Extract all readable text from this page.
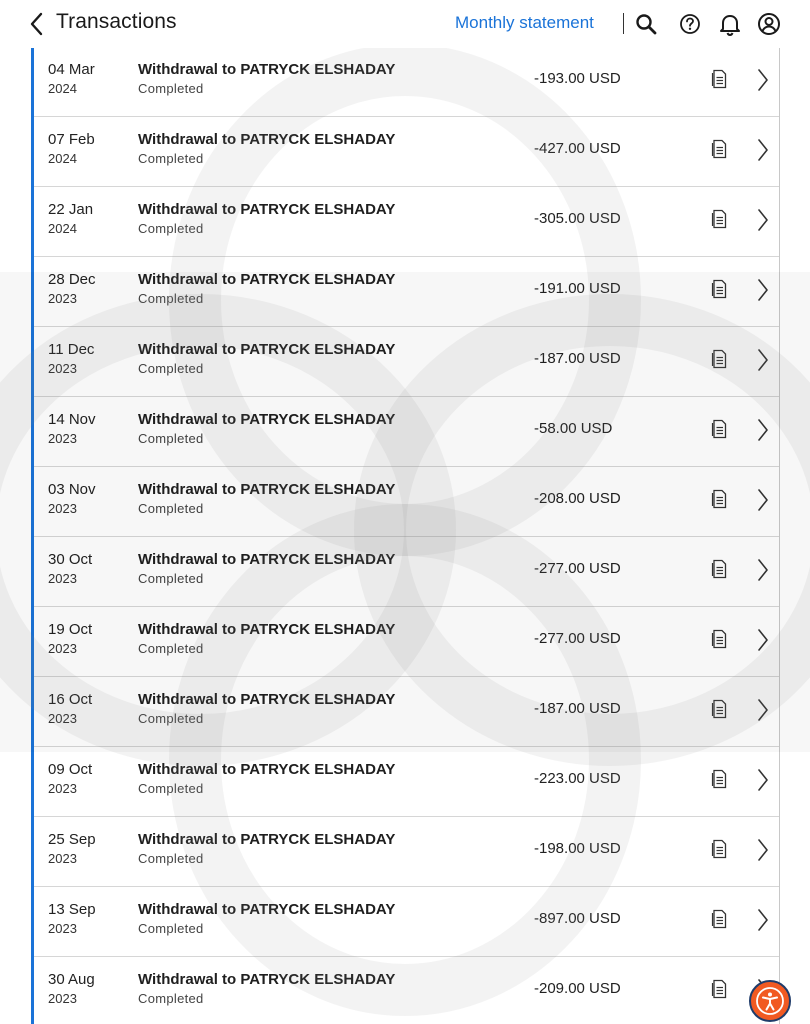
Transactions	Monthly statement
04 Mar
2024
Withdrawal to PATRYCK ELSHADAY
Completed
-193.00 USD
07 Feb
2024
Withdrawal to PATRYCK ELSHADAY
Completed
-427.00 USD
22 Jan
2024
Withdrawal to PATRYCK ELSHADAY
Completed
-305.00 USD
28 Dec
2023
Withdrawal to PATRYCK ELSHADAY
Completed
-191.00 USD
11 Dec
2023
Withdrawal to PATRYCK ELSHADAY
Completed
-187.00 USD
14 Nov
2023
Withdrawal to PATRYCK ELSHADAY
Completed
-58.00 USD
03 Nov
2023
Withdrawal to PATRYCK ELSHADAY
Completed
-208.00 USD
30 Oct
2023
Withdrawal to PATRYCK ELSHADAY
Completed
-277.00 USD
19 Oct
2023
Withdrawal to PATRYCK ELSHADAY
Completed
-277.00 USD
16 Oct
2023
Withdrawal to PATRYCK ELSHADAY
Completed
-187.00 USD
09 Oct
2023
Withdrawal to PATRYCK ELSHADAY
Completed
-223.00 USD
25 Sep
2023
Withdrawal to PATRYCK ELSHADAY
Completed
-198.00 USD
13 Sep
2023
Withdrawal to PATRYCK ELSHADAY
Completed
-897.00 USD
30 Aug
2023
Withdrawal to PATRYCK ELSHADAY
Completed
-209.00 USD
